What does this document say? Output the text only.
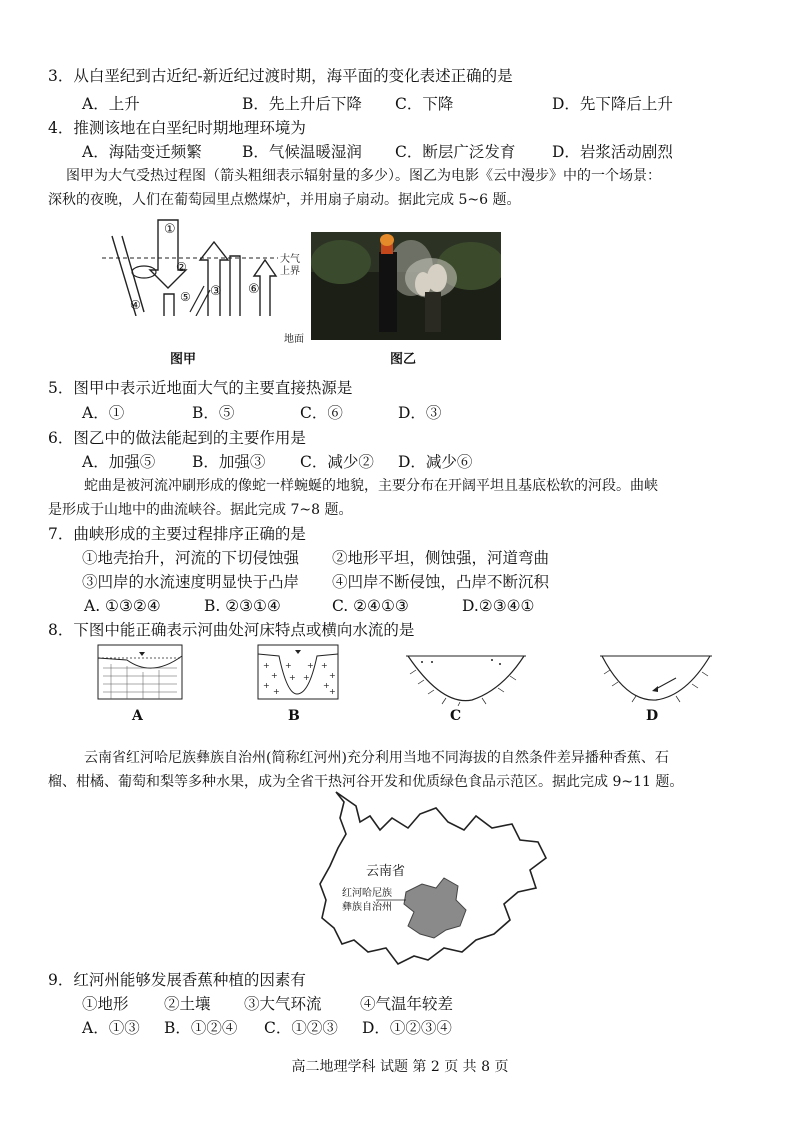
3．从白垩纪到古近纪-新近纪过渡时期，海平面的变化表述正确的是
A．上升	B．先上升后下降 C．下降	D．先下降后上升
4．推测该地在白垩纪时期地理环境为
A．海陆变迁频繁	B．气候温暖湿润 C．断层广泛发育 D．岩浆活动剧烈
图甲为大气受热过程图（箭头粗细表示辐射量的多少）。图乙为电影《云中漫步》中的一个场景：
深秋的夜晚，人们在葡萄园里点燃煤炉，并用扇子扇动。据此完成 5~6 题。
①
②
③
④
⑤	⑥
大气
上界
地面
图甲	图乙
5．图甲中表示近地面大气的主要直接热源是
A．①	B．⑤	C．⑥	D．③
6．图乙中的做法能起到的主要作用是
A．加强⑤ B．加强③ C．减少② D．减少⑥
蛇曲是被河流冲刷形成的像蛇一样蜿蜒的地貌，主要分布在开阔平坦且基底松软的河段。曲峡
是形成于山地中的曲流峡谷。据此完成 7~8 题。
7．曲峡形成的主要过程排序正确的是
①地壳抬升，河流的下切侵蚀强 ②地形平坦，侧蚀强，河道弯曲
③凹岸的水流速度明显快于凸岸 ④凹岸不断侵蚀，凸岸不断沉积
A. ①③②④	B. ②③①④	C. ②④①③	D.②③④①
8．下图中能正确表示河曲处河床特点或横向水流的是
+
+
+
+
+
+
+
+
+ +
+ +
A	B	C	D
云南省红河哈尼族彝族自治州(简称红河州)充分利用当地不同海拔的自然条件差异播种香蕉、石
榴、柑橘、葡萄和梨等多种水果，成为全省干热河谷开发和优质绿色食品示范区。据此完成 9~11 题。
云南省
红河哈尼族
彝族自治州
9．红河州能够发展香蕉种植的因素有
①地形 ②土壤 ③大气环流 ④气温年较差
A．①③ B．①②④ C．①②③ D．①②③④
高二地理学科 试题 第 2 页 共 8 页
